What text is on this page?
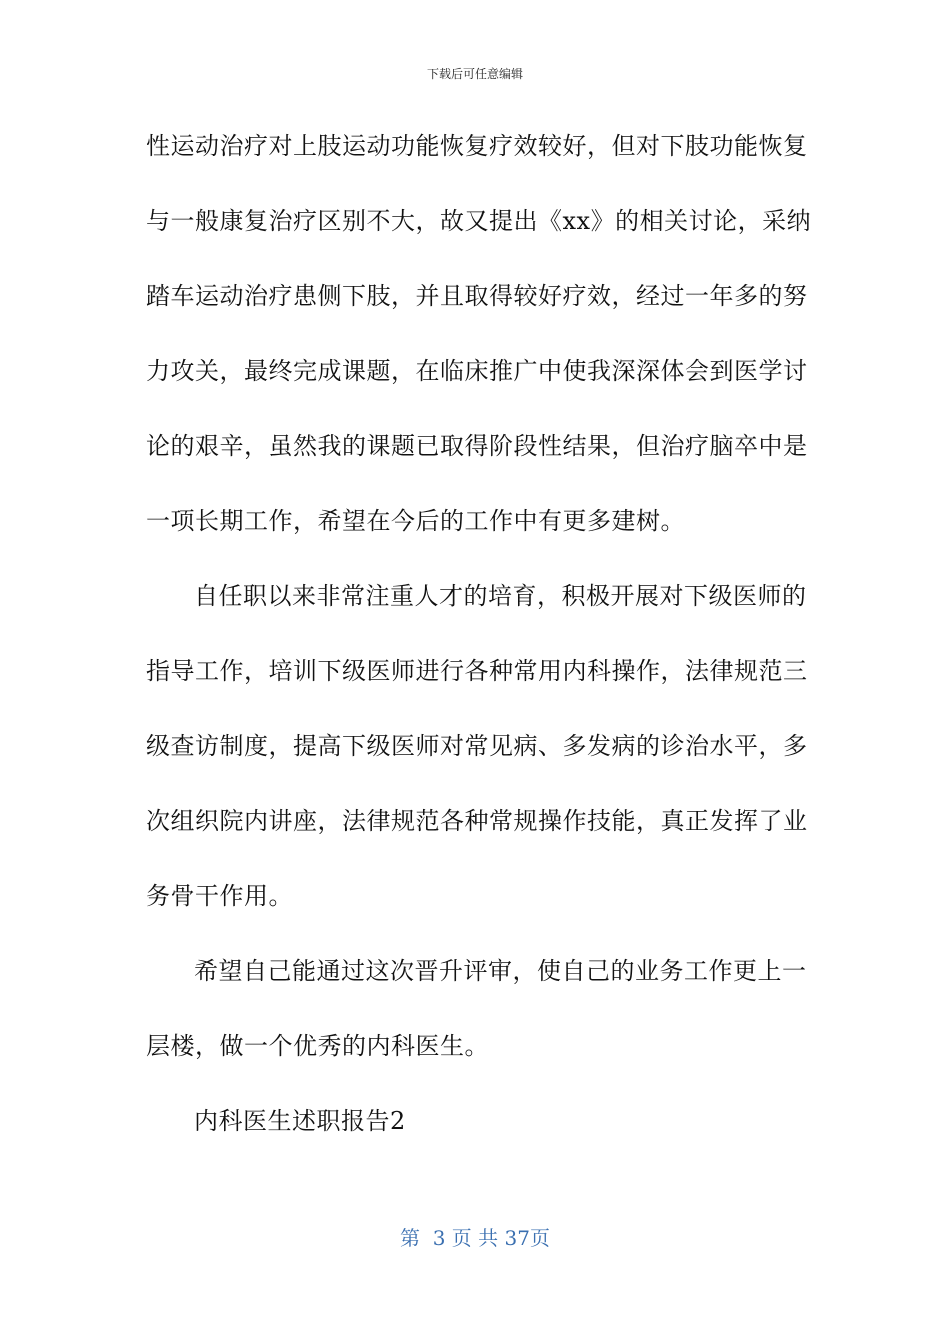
下载后可任意编辑
性运动治疗对上肢运动功能恢复疗效较好，但对下肢功能恢复
与一般康复治疗区别不大，故又提出《xx》的相关讨论，采纳
踏车运动治疗患侧下肢，并且取得较好疗效，经过一年多的努
力攻关，最终完成课题，在临床推广中使我深深体会到医学讨
论的艰辛，虽然我的课题已取得阶段性结果，但治疗脑卒中是
一项长期工作，希望在今后的工作中有更多建树。
自任职以来非常注重人才的培育，积极开展对下级医师的
指导工作，培训下级医师进行各种常用内科操作，法律规范三
级查访制度，提高下级医师对常见病、多发病的诊治水平，多
次组织院内讲座，法律规范各种常规操作技能，真正发挥了业
务骨干作用。
希望自己能通过这次晋升评审，使自己的业务工作更上一
层楼，做一个优秀的内科医生。
内科医生述职报告2
第  3 页 共 37页
